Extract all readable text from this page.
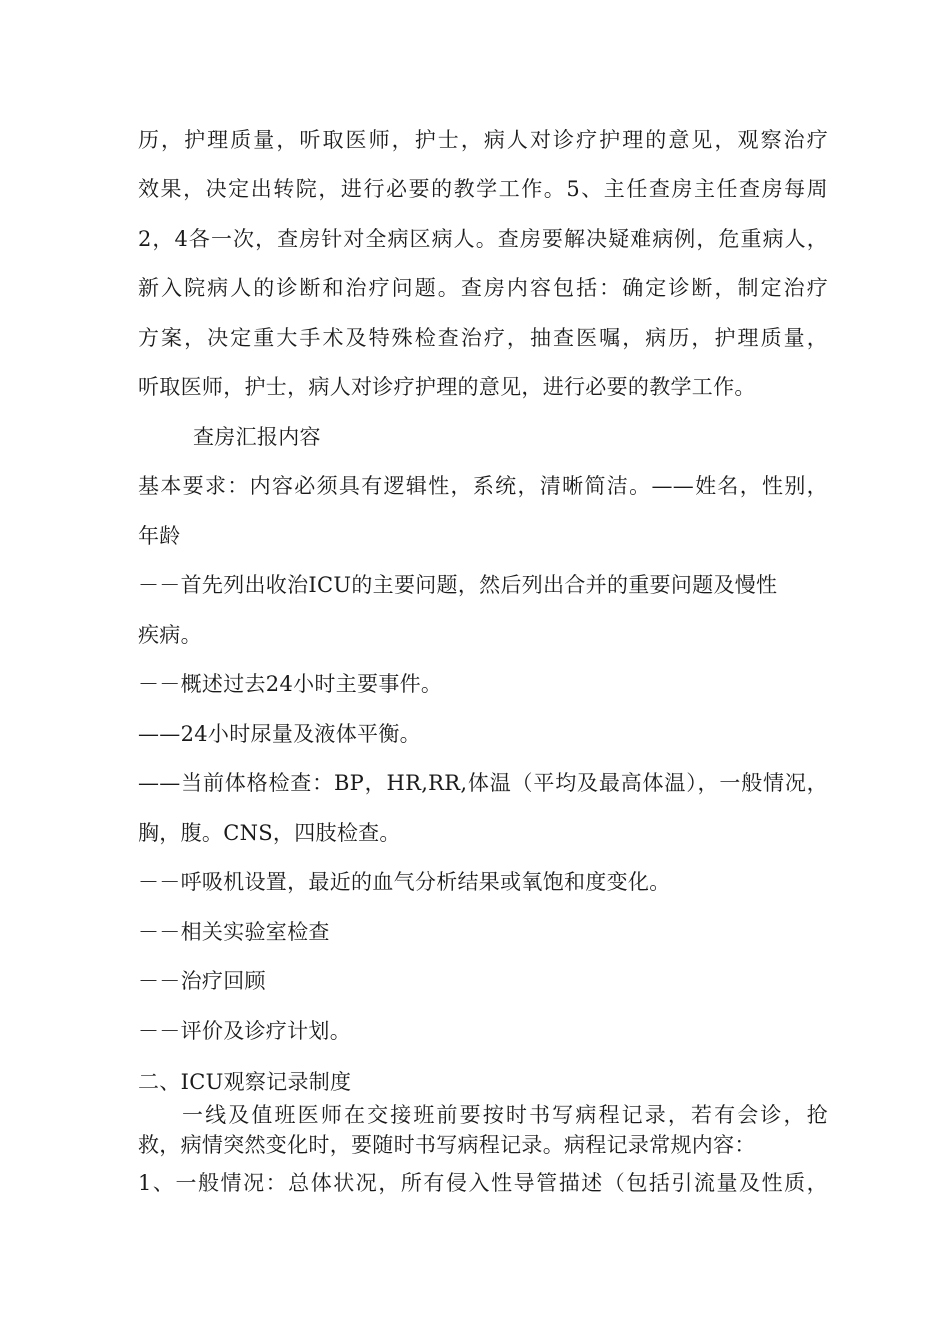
历，护理质量，听取医师，护士，病人对诊疗护理的意见，观察治疗
效果，决定出转院，进行必要的教学工作。5、主任查房主任查房每周
2，4各一次，查房针对全病区病人。查房要解决疑难病例，危重病人，
新入院病人的诊断和治疗问题。查房内容包括：确定诊断，制定治疗
方案，决定重大手术及特殊检查治疗，抽查医嘱，病历，护理质量，
听取医师，护士，病人对诊疗护理的意见，进行必要的教学工作。
查房汇报内容
基本要求：内容必须具有逻辑性，系统，清晰简洁。——姓名，性别，
年龄
－－首先列出收治ICU的主要问题，然后列出合并的重要问题及慢性
疾病。
－－概述过去24小时主要事件。
——24小时尿量及液体平衡。
——当前体格检查：BP，HR,RR,体温（平均及最高体温），一般情况，
胸，腹。CNS，四肢检查。
－－呼吸机设置，最近的血气分析结果或氧饱和度变化。
－－相关实验室检查
－－治疗回顾
－－评价及诊疗计划。
二、ICU观察记录制度
一线及值班医师在交接班前要按时书写病程记录，若有会诊，抢
救，病情突然变化时，要随时书写病程记录。病程记录常规内容：
1、一般情况：总体状况，所有侵入性导管描述（包括引流量及性质，
